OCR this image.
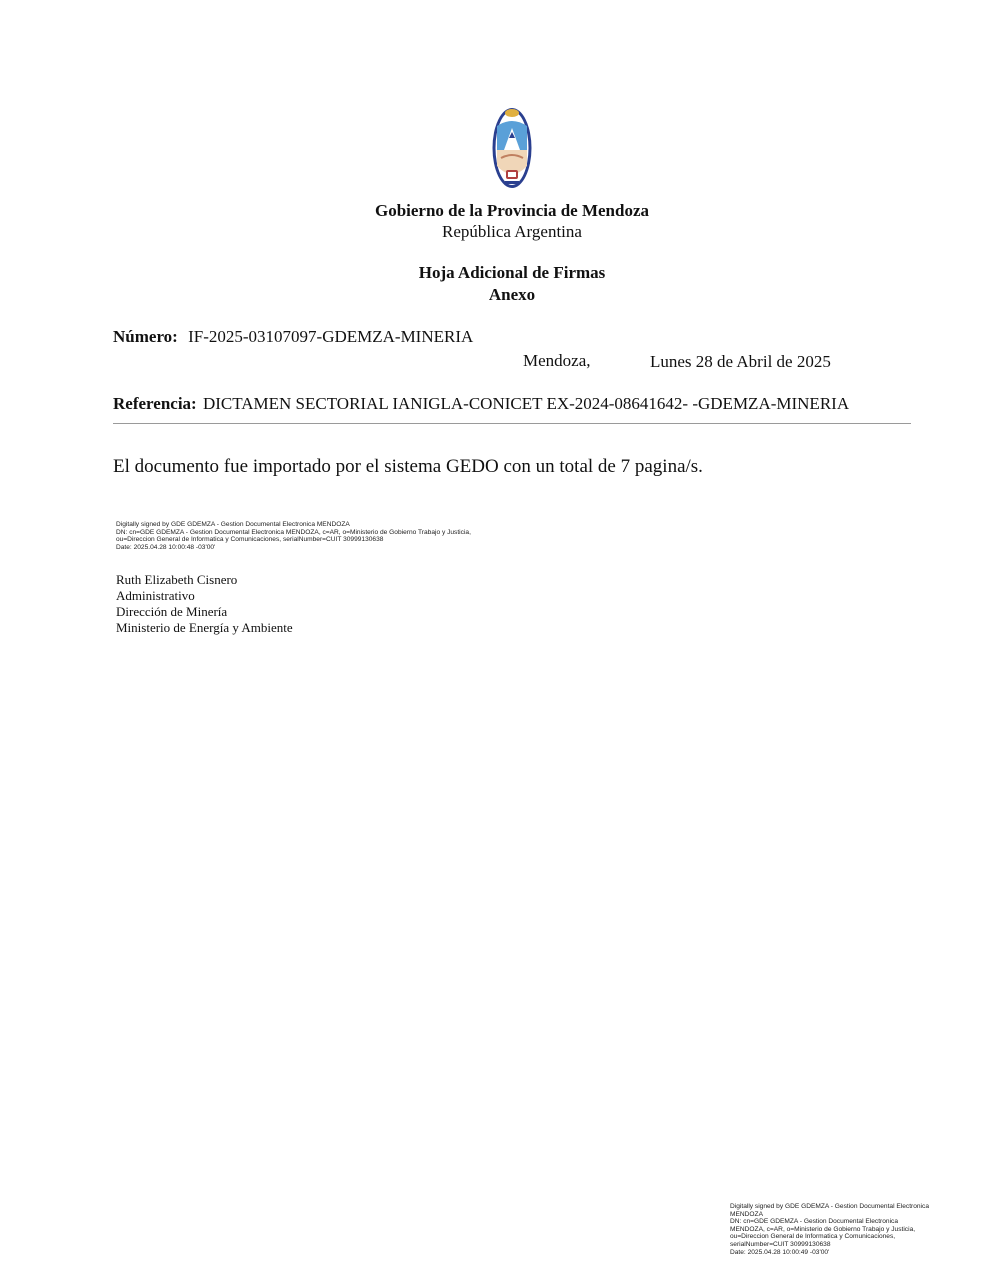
Gobierno de la Provincia de Mendoza
República Argentina
Hoja Adicional de Firmas
Anexo
Número: IF-2025-03107097-GDEMZA-MINERIA
Mendoza,	Lunes 28 de Abril de 2025
Referencia: DICTAMEN SECTORIAL IANIGLA-CONICET EX-2024-08641642- -GDEMZA-MINERIA
El documento fue importado por el sistema GEDO con un total de 7 pagina/s.
Digitally signed by GDE GDEMZA - Gestion Documental Electronica MENDOZA
DN: cn=GDE GDEMZA - Gestion Documental Electronica MENDOZA, c=AR, o=Ministerio de Gobierno Trabajo y Justicia,
ou=Direccion General de Informatica y Comunicaciones, serialNumber=CUIT 30999130638
Date: 2025.04.28 10:00:48 -03'00'
Ruth Elizabeth Cisnero
Administrativo
Dirección de Minería
Ministerio de Energía y Ambiente
Digitally signed by GDE GDEMZA - Gestion Documental Electronica
MENDOZA
DN: cn=GDE GDEMZA - Gestion Documental Electronica
MENDOZA, c=AR, o=Ministerio de Gobierno Trabajo y Justicia,
ou=Direccion General de Informatica y Comunicaciones,
serialNumber=CUIT 30999130638
Date: 2025.04.28 10:00:49 -03'00'
